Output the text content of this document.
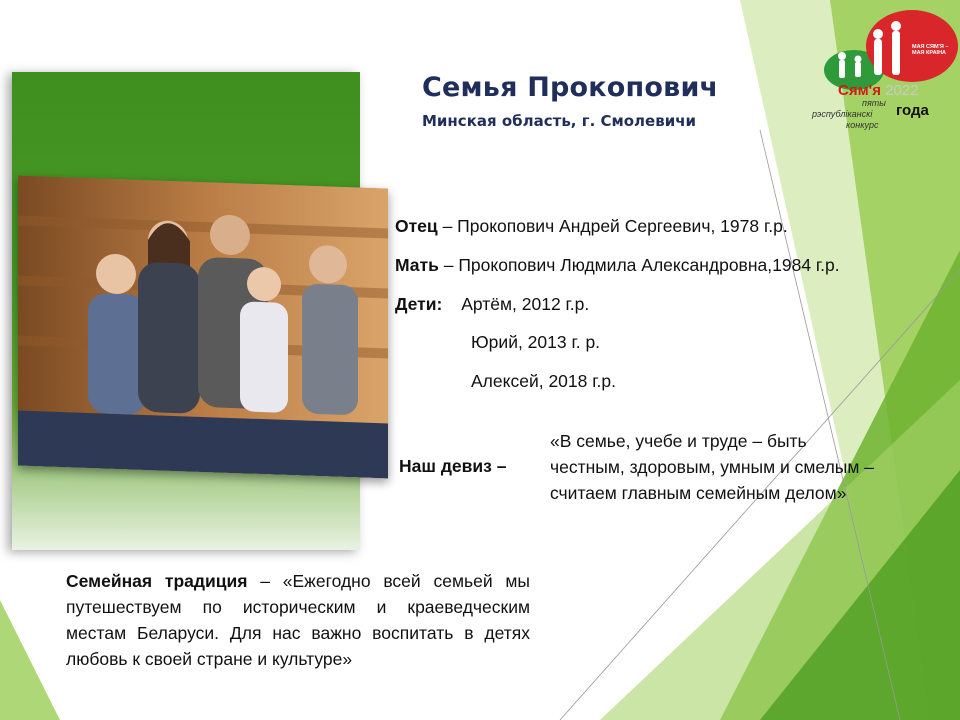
Семья Прокопович
Минская область, г. Смолевичи
Отец – Прокопович Андрей Сергеевич, 1978 г.р.
Мать – Прокопович Людмила Александровна,1984 г.р.
Дети: Артём, 2012 г.р.
Юрий, 2013 г. р.
Алексей, 2018 г.р.
Наш девиз –
«В семье, учебе и труде – быть честным, здоровым, умным и смелым – считаем главным семейным делом»
Семейная традиция – «Ежегодно всей семьей мы путешествуем по историческим и краеведческим местам Беларуси. Для нас важно воспитать в детях любовь к своей стране и культуре»
МАЯ СЯМ'Я – МАЯ КРАІНА
Сям'я 2022
пяты
рэспубліканскі года
конкурс
